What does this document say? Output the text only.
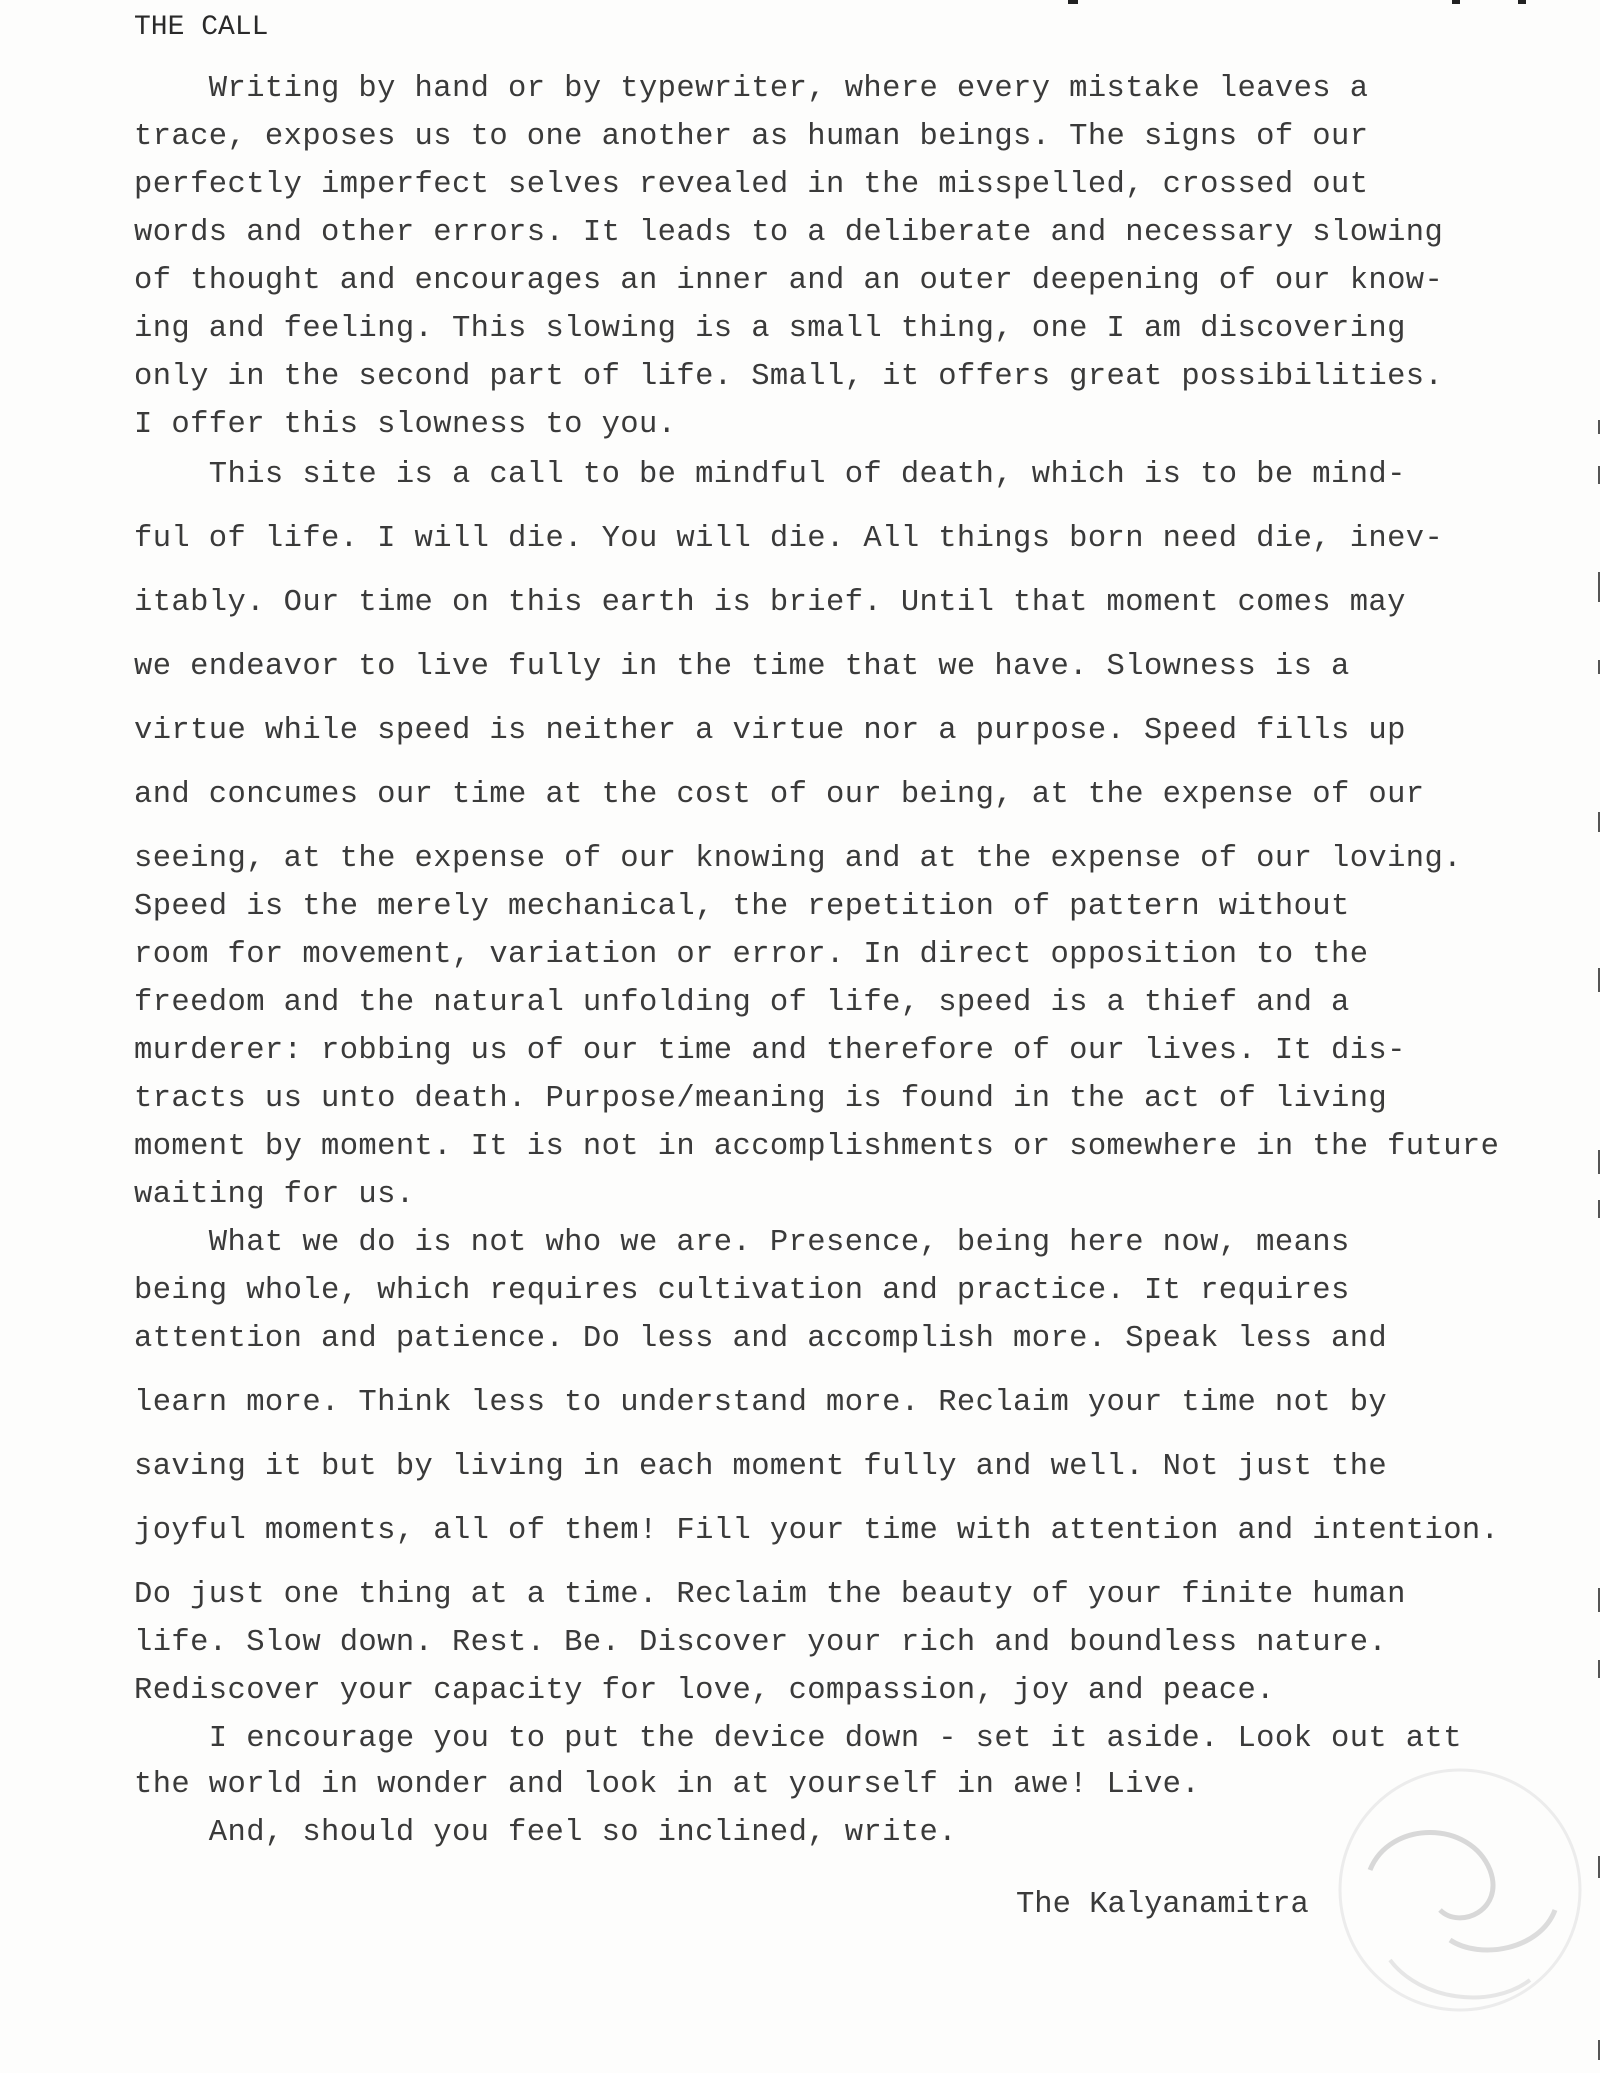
THE CALL
Writing by hand or by typewriter, where every mistake leaves a
trace, exposes us to one another as human beings. The signs of our
perfectly imperfect selves revealed in the misspelled, crossed out
words and other errors. It leads to a deliberate and necessary slowing
of thought and encourages an inner and an outer deepening of our know-
ing and feeling. This slowing is a small thing, one I am discovering
only in the second part of life. Small, it offers great possibilities.
I offer this slowness to you.
This site is a call to be mindful of death, which is to be mind-
ful of life. I will die. You will die. All things born need die, inev-
itably. Our time on this earth is brief. Until that moment comes may
we endeavor to live fully in the time that we have. Slowness is a
virtue while speed is neither a virtue nor a purpose. Speed fills up
and concumes our time at the cost of our being, at the expense of our
seeing, at the expense of our knowing and at the expense of our loving.
Speed is the merely mechanical, the repetition of pattern without
room for movement, variation or error. In direct opposition to the
freedom and the natural unfolding of life, speed is a thief and a
murderer: robbing us of our time and therefore of our lives. It dis-
tracts us unto death. Purpose/meaning is found in the act of living
moment by moment. It is not in accomplishments or somewhere in the future
waiting for us.
What we do is not who we are. Presence, being here now, means
being whole, which requires cultivation and practice. It requires
attention and patience. Do less and accomplish more. Speak less and
learn more. Think less to understand more. Reclaim your time not by
saving it but by living in each moment fully and well. Not just the
joyful moments, all of them! Fill your time with attention and intention.
Do just one thing at a time. Reclaim the beauty of your finite human
life. Slow down. Rest. Be. Discover your rich and boundless nature.
Rediscover your capacity for love, compassion, joy and peace.
I encourage you to put the device down - set it aside. Look out att
the world in wonder and look in at yourself in awe! Live.
And, should you feel so inclined, write.
The Kalyanamitra
